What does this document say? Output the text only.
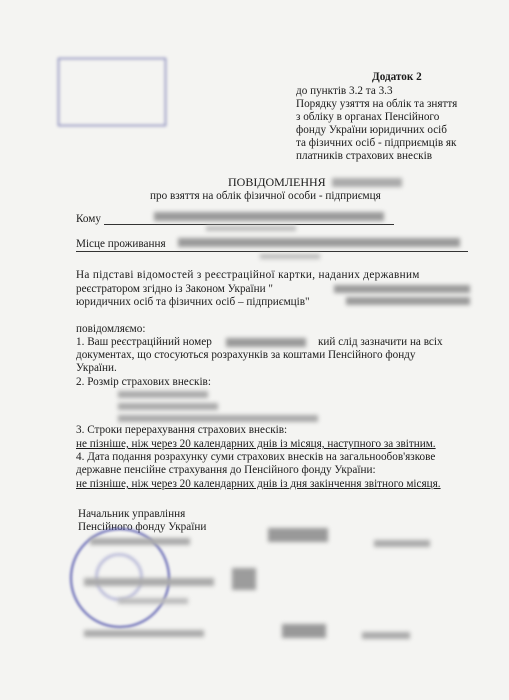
Додаток 2
до пунктів 3.2 та 3.3
Порядку узяття на облік та зняття
з обліку в органах Пенсійного
фонду України юридичних осіб
та фізичних осіб - підприємців як
платників страхових внесків
ПОВІДОМЛЕННЯ
про взяття на облік фізичної особи - підприємця
Кому
Місце проживання
На підставі відомостей з реєстраційної картки, наданих державним
реєстратором згідно із Законом України "
юридичних осіб та фізичних осіб – підприємців"
повідомляємо:
1. Ваш реєстраційний номер	кий слід зазначити на всіх
документах, що стосуються розрахунків за коштами Пенсійного фонду
України.
2. Розмір страхових внесків:
3. Строки перерахування страхових внесків:
не пізніше, ніж через 20 календарних днів із місяця, наступного за звітним.
4. Дата подання розрахунку суми страхових внесків на загальнообов'язкове
державне пенсійне страхування до Пенсійного фонду України:
не пізніше, ніж через 20 календарних днів із дня закінчення звітного місяця.
Начальник управління
Пенсійного фонду України
